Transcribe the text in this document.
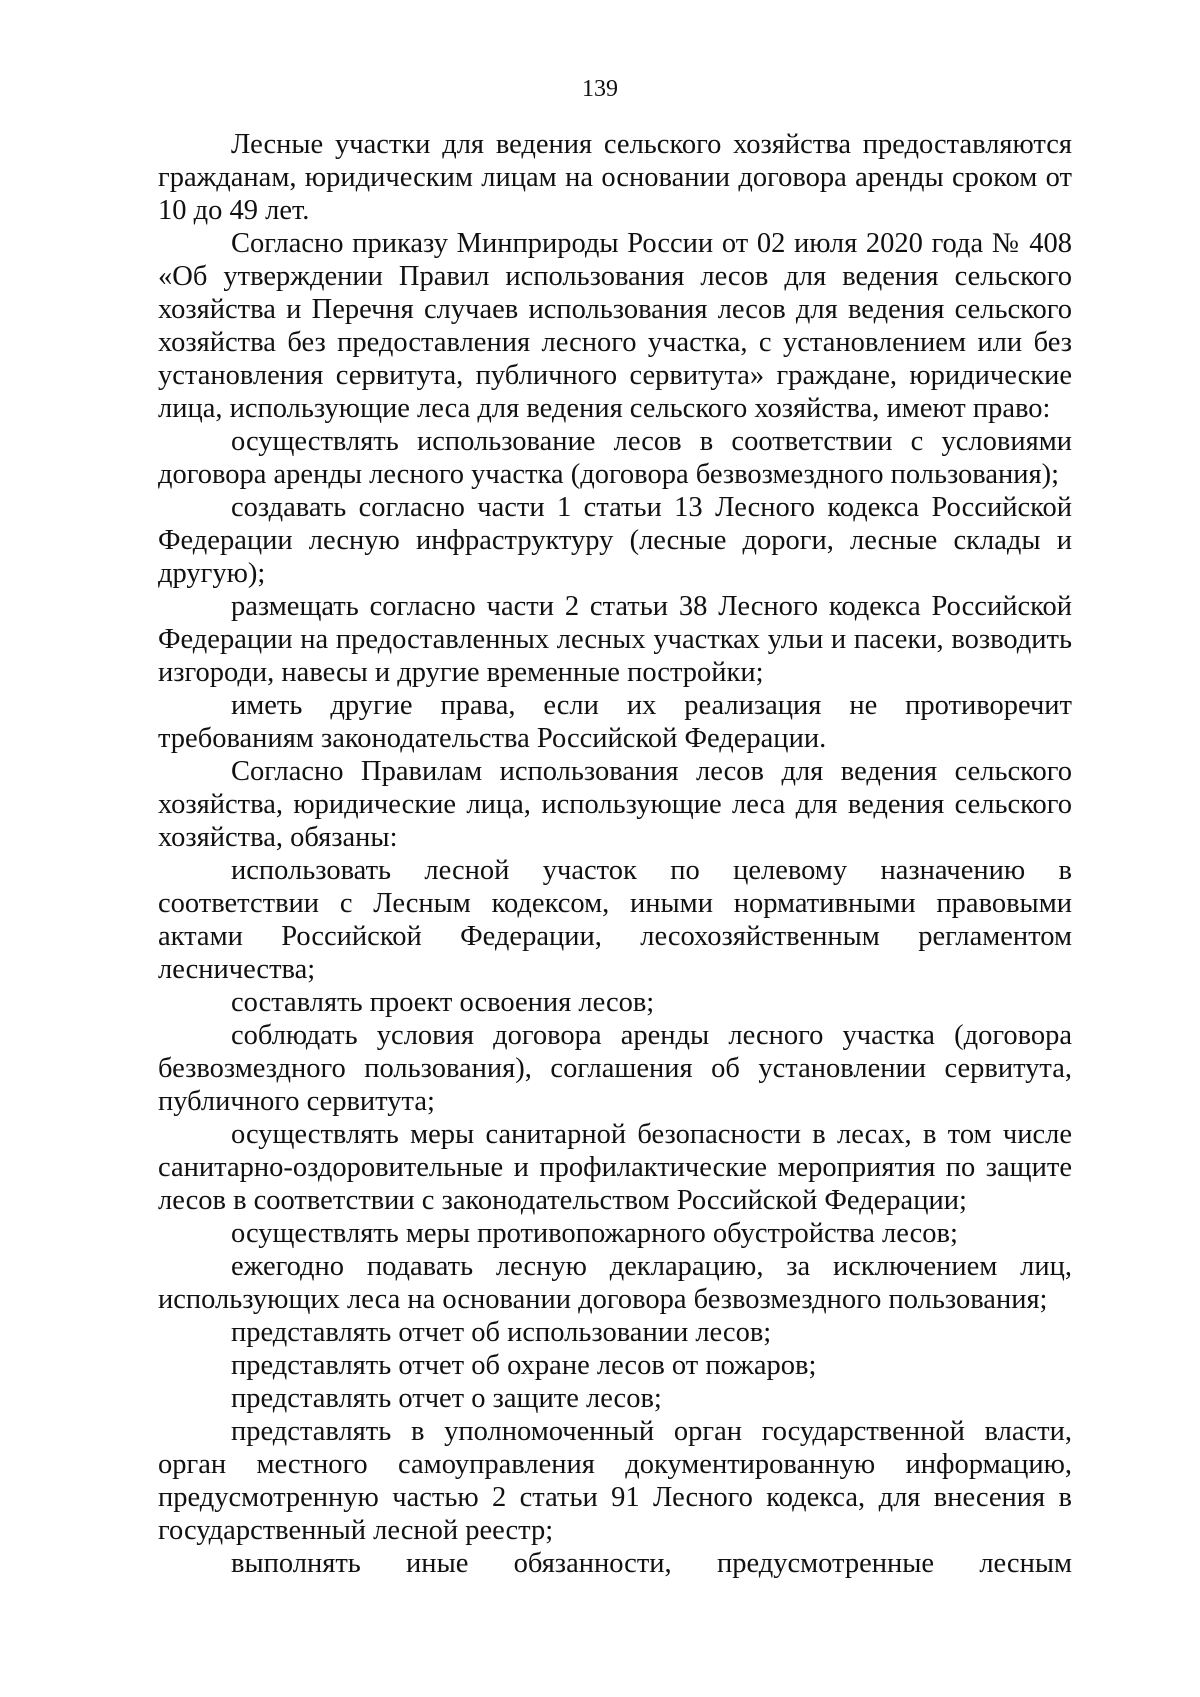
139

Лесные участки для ведения сельского хозяйства предоставляются гражданам, юридическим лицам на основании договора аренды сроком от 10 до 49 лет.

Согласно приказу Минприроды России от 02 июля 2020 года № 408 «Об утверждении Правил использования лесов для ведения сельского хозяйства и Перечня случаев использования лесов для ведения сельского хозяйства без предоставления лесного участка, с установлением или без установления сервитута, публичного сервитута» граждане, юридические лица, использующие леса для ведения сельского хозяйства, имеют право:

осуществлять использование лесов в соответствии с условиями договора аренды лесного участка (договора безвозмездного пользования);

создавать согласно части 1 статьи 13 Лесного кодекса Российской Федерации лесную инфраструктуру (лесные дороги, лесные склады и другую);

размещать согласно части 2 статьи 38 Лесного кодекса Российской Федерации на предоставленных лесных участках ульи и пасеки, возводить изгороди, навесы и другие временные постройки;

иметь другие права, если их реализация не противоречит требованиям законодательства Российской Федерации.

Согласно Правилам использования лесов для ведения сельского хозяйства, юридические лица, использующие леса для ведения сельского хозяйства, обязаны:

использовать лесной участок по целевому назначению в соответствии с Лесным кодексом, иными нормативными правовыми актами Российской Федерации, лесохозяйственным регламентом лесничества;

составлять проект освоения лесов;

соблюдать условия договора аренды лесного участка (договора безвозмездного пользования), соглашения об установлении сервитута, публичного сервитута;

осуществлять меры санитарной безопасности в лесах, в том числе санитарно-оздоровительные и профилактические мероприятия по защите лесов в соответствии с законодательством Российской Федерации;

осуществлять меры противопожарного обустройства лесов;

ежегодно подавать лесную декларацию, за исключением лиц, использующих леса на основании договора безвозмездного пользования;

представлять отчет об использовании лесов;

представлять отчет об охране лесов от пожаров;

представлять отчет о защите лесов;

представлять в уполномоченный орган государственной власти, орган местного самоуправления документированную информацию, предусмотренную частью 2 статьи 91 Лесного кодекса, для внесения в государственный лесной реестр;

выполнять иные обязанности, предусмотренные лесным
